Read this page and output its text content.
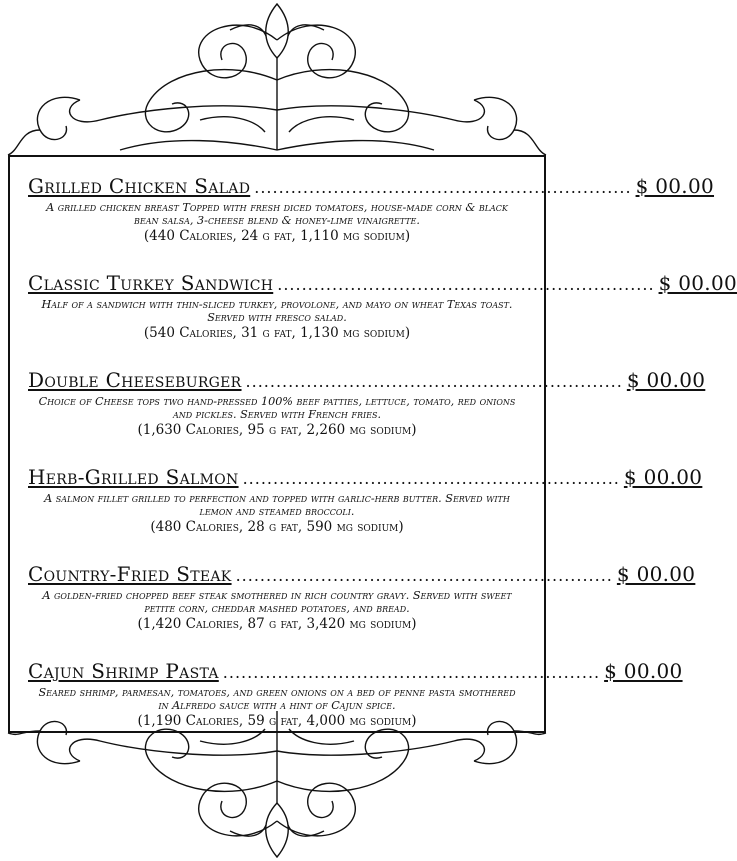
Grilled Chicken Salad .............................................................. $ 00.00
A grilled chicken breast Topped with fresh diced tomatoes, house-made corn & black bean salsa, 3-cheese blend & honey-lime vinaigrette.
(440 Calories, 24 g fat, 1,110 mg sodium)
Classic Turkey Sandwich .............................................................. $ 00.00
Half of a sandwich with thin-sliced turkey, provolone, and mayo on wheat Texas toast. Served with fresco salad.
(540 Calories, 31 g fat, 1,130 mg sodium)
Double Cheeseburger .............................................................. $ 00.00
Choice of Cheese tops two hand-pressed 100% beef patties, lettuce, tomato, red onions and pickles. Served with French fries.
(1,630 Calories, 95 g fat, 2,260 mg sodium)
Herb-Grilled Salmon .............................................................. $ 00.00
A salmon fillet grilled to perfection and topped with garlic-herb butter. Served with lemon and steamed broccoli.
(480 Calories, 28 g fat, 590 mg sodium)
Country-Fried Steak .............................................................. $ 00.00
A golden-fried chopped beef steak smothered in rich country gravy. Served with sweet petite corn, cheddar mashed potatoes, and bread.
(1,420 Calories, 87 g fat, 3,420 mg sodium)
Cajun Shrimp Pasta .............................................................. $ 00.00
Seared shrimp, parmesan, tomatoes, and green onions on a bed of penne pasta smothered in Alfredo sauce with a hint of Cajun spice.
(1,190 Calories, 59 g fat, 4,000 mg sodium)
